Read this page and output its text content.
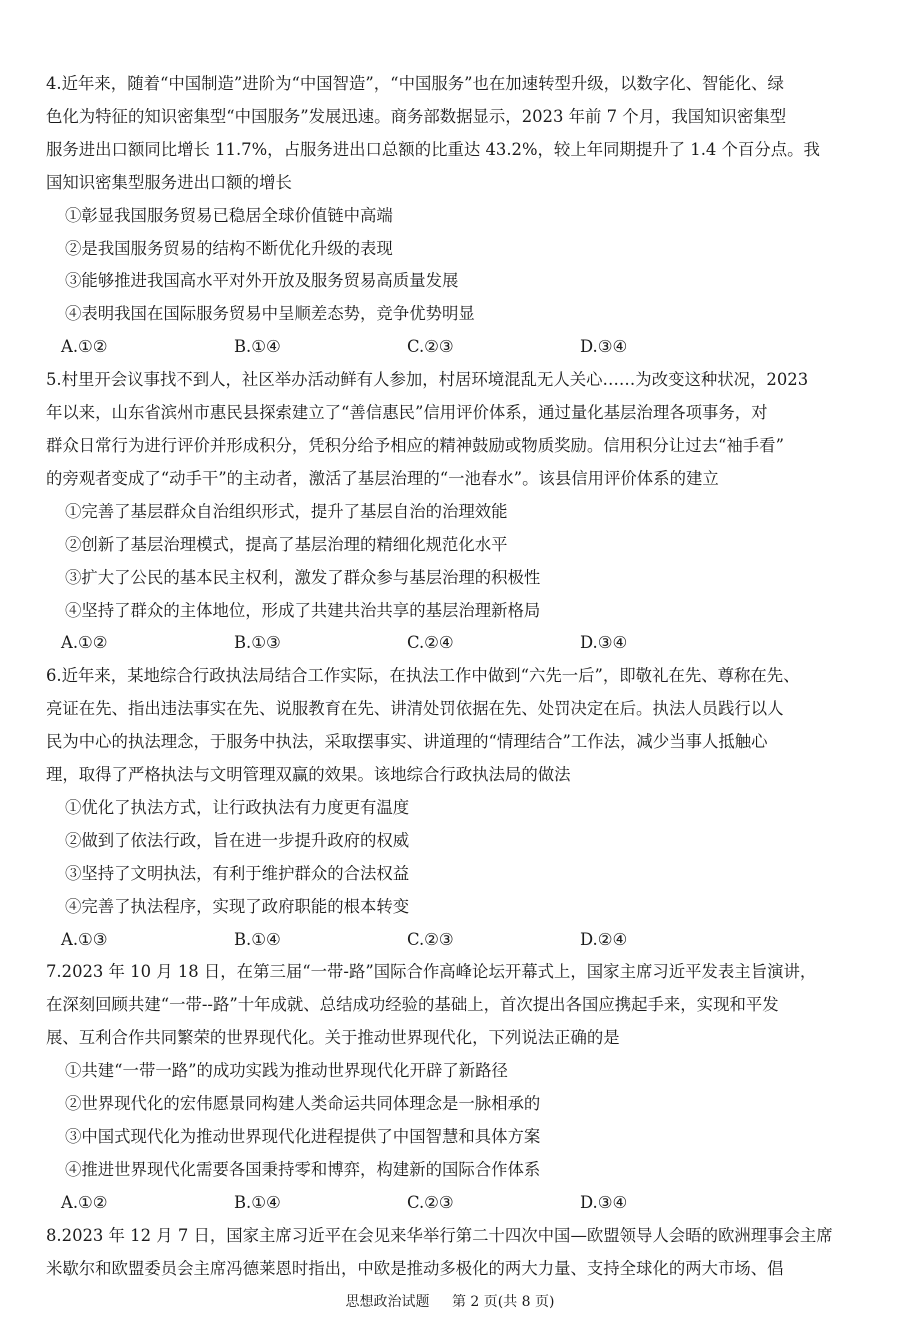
4.近年来，随着“中国制造”进阶为“中国智造”，“中国服务”也在加速转型升级，以数字化、智能化、绿

色化为特征的知识密集型“中国服务”发展迅速。商务部数据显示，2023 年前 7 个月，我国知识密集型

服务进出口额同比增长 11.7%，占服务进出口总额的比重达 43.2%，较上年同期提升了 1.4 个百分点。我

国知识密集型服务进出口额的增长

①彰显我国服务贸易已稳居全球价值链中高端

②是我国服务贸易的结构不断优化升级的表现

③能够推进我国高水平对外开放及服务贸易高质量发展

④表明我国在国际服务贸易中呈顺差态势，竞争优势明显

A.①②	B.①④	C.②③	D.③④

5.村里开会议事找不到人，社区举办活动鲜有人参加，村居环境混乱无人关心……为改变这种状况，2023

年以来，山东省滨州市惠民县探索建立了“善信惠民”信用评价体系，通过量化基层治理各项事务，对

群众日常行为进行评价并形成积分，凭积分给予相应的精神鼓励或物质奖励。信用积分让过去“袖手看”

的旁观者变成了“动手干”的主动者，激活了基层治理的“一池春水”。该县信用评价体系的建立

①完善了基层群众自治组织形式，提升了基层自治的治理效能

②创新了基层治理模式，提高了基层治理的精细化规范化水平

③扩大了公民的基本民主权利，激发了群众参与基层治理的积极性

④坚持了群众的主体地位，形成了共建共治共享的基层治理新格局

A.①②	B.①③	C.②④	D.③④

6.近年来，某地综合行政执法局结合工作实际，在执法工作中做到“六先一后”，即敬礼在先、尊称在先、

亮证在先、指出违法事实在先、说服教育在先、讲清处罚依据在先、处罚决定在后。执法人员践行以人

民为中心的执法理念，于服务中执法，采取摆事实、讲道理的“情理结合”工作法，减少当事人抵触心

理，取得了严格执法与文明管理双赢的效果。该地综合行政执法局的做法

①优化了执法方式，让行政执法有力度更有温度

②做到了依法行政，旨在进一步提升政府的权威

③坚持了文明执法，有利于维护群众的合法权益

④完善了执法程序，实现了政府职能的根本转变

A.①③	B.①④	C.②③	D.②④

7.2023 年 10 月 18 日，在第三届“一带-路”国际合作高峰论坛开幕式上，国家主席习近平发表主旨演讲，

在深刻回顾共建“一带--路”十年成就、总结成功经验的基础上，首次提出各国应携起手来，实现和平发

展、互利合作共同繁荣的世界现代化。关于推动世界现代化，下列说法正确的是

①共建“一带一路”的成功实践为推动世界现代化开辟了新路径

②世界现代化的宏伟愿景同构建人类命运共同体理念是一脉相承的

③中国式现代化为推动世界现代化进程提供了中国智慧和具体方案

④推进世界现代化需要各国秉持零和博弈，构建新的国际合作体系

A.①②	B.①④	C.②③	D.③④

8.2023 年 12 月 7 日，国家主席习近平在会见来华举行第二十四次中国—欧盟领导人会晤的欧洲理事会主席

米歇尔和欧盟委员会主席冯德莱恩时指出，中欧是推动多极化的两大力量、支持全球化的两大市场、倡

思想政治试题 第 2 页(共 8 页)
